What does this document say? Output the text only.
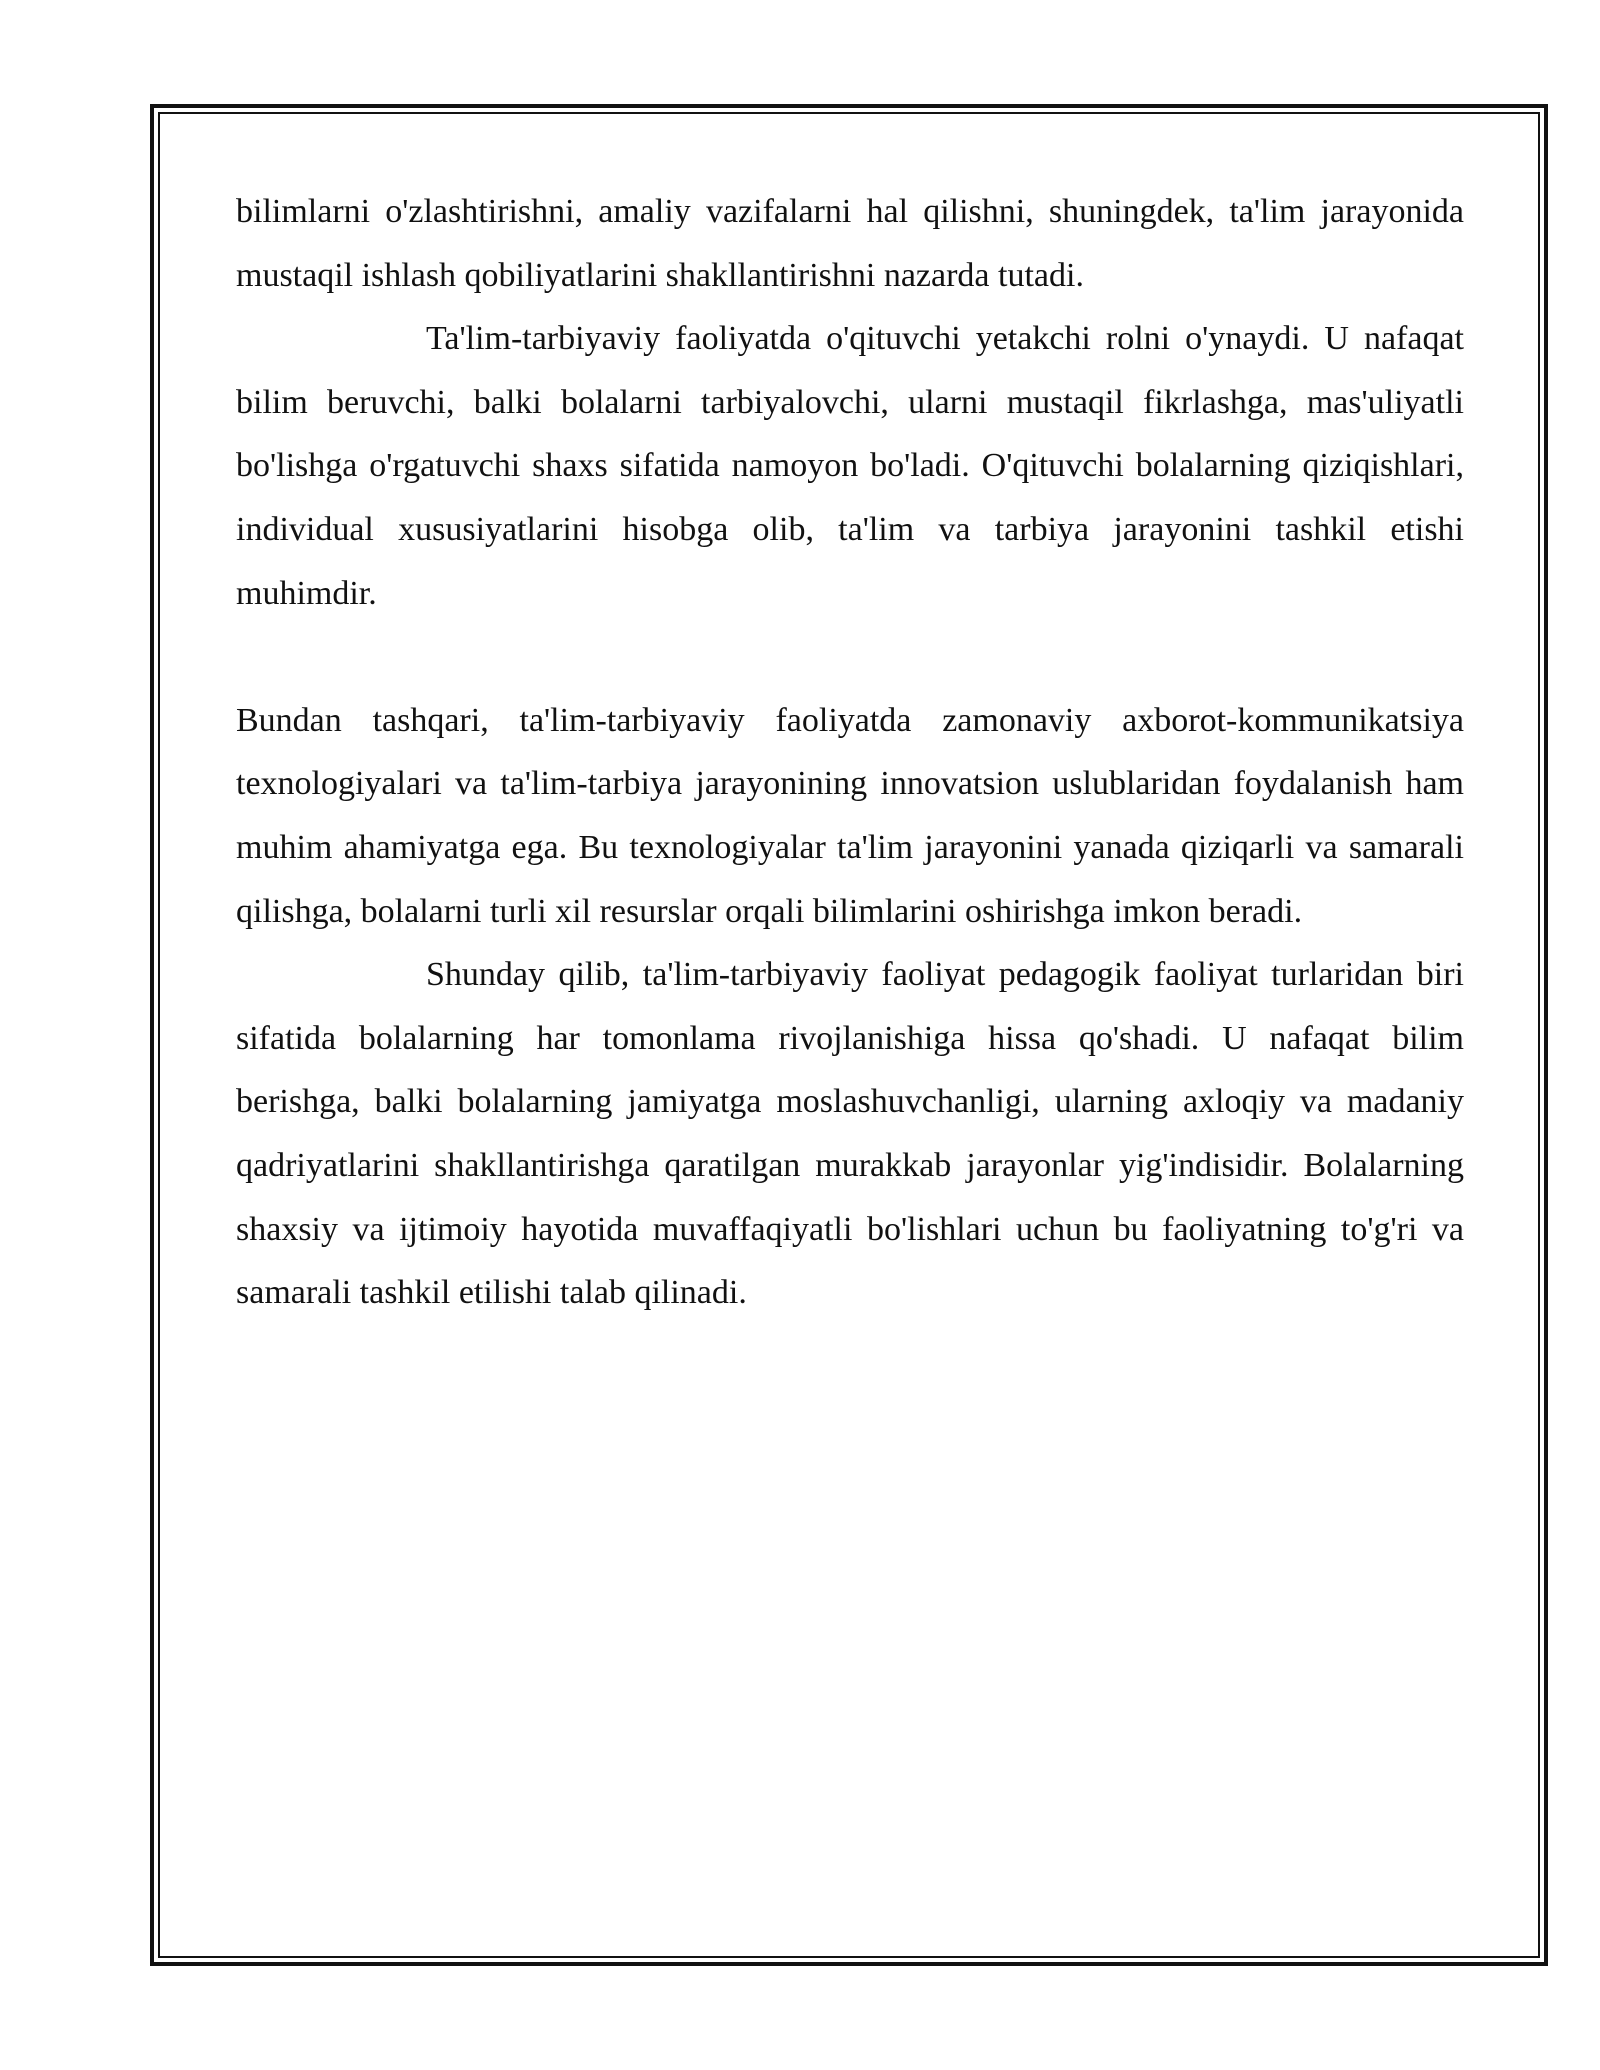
bilimlarni o'zlashtirishni, amaliy vazifalarni hal qilishni, shuningdek, ta'lim jarayonida mustaqil ishlash qobiliyatlarini shakllantirishni nazarda tutadi.

Ta'lim-tarbiyaviy faoliyatda o'qituvchi yetakchi rolni o'ynaydi. U nafaqat bilim beruvchi, balki bolalarni tarbiyalovchi, ularni mustaqil fikrlashga, mas'uliyatli bo'lishga o'rgatuvchi shaxs sifatida namoyon bo'ladi. O'qituvchi bolalarning qiziqishlari, individual xususiyatlarini hisobga olib, ta'lim va tarbiya jarayonini tashkil etishi muhimdir.

Bundan tashqari, ta'lim-tarbiyaviy faoliyatda zamonaviy axborot-kommunikatsiya texnologiyalari va ta'lim-tarbiya jarayonining innovatsion uslublaridan foydalanish ham muhim ahamiyatga ega. Bu texnologiyalar ta'lim jarayonini yanada qiziqarli va samarali qilishga, bolalarni turli xil resurslar orqali bilimlarini oshirishga imkon beradi.

Shunday qilib, ta'lim-tarbiyaviy faoliyat pedagogik faoliyat turlaridan biri sifatida bolalarning har tomonlama rivojlanishiga hissa qo'shadi. U nafaqat bilim berishga, balki bolalarning jamiyatga moslashuvchanligi, ularning axloqiy va madaniy qadriyatlarini shakllantirishga qaratilgan murakkab jarayonlar yig'indisidir. Bolalarning shaxsiy va ijtimoiy hayotida muvaffaqiyatli bo'lishlari uchun bu faoliyatning to'g'ri va samarali tashkil etilishi talab qilinadi.
